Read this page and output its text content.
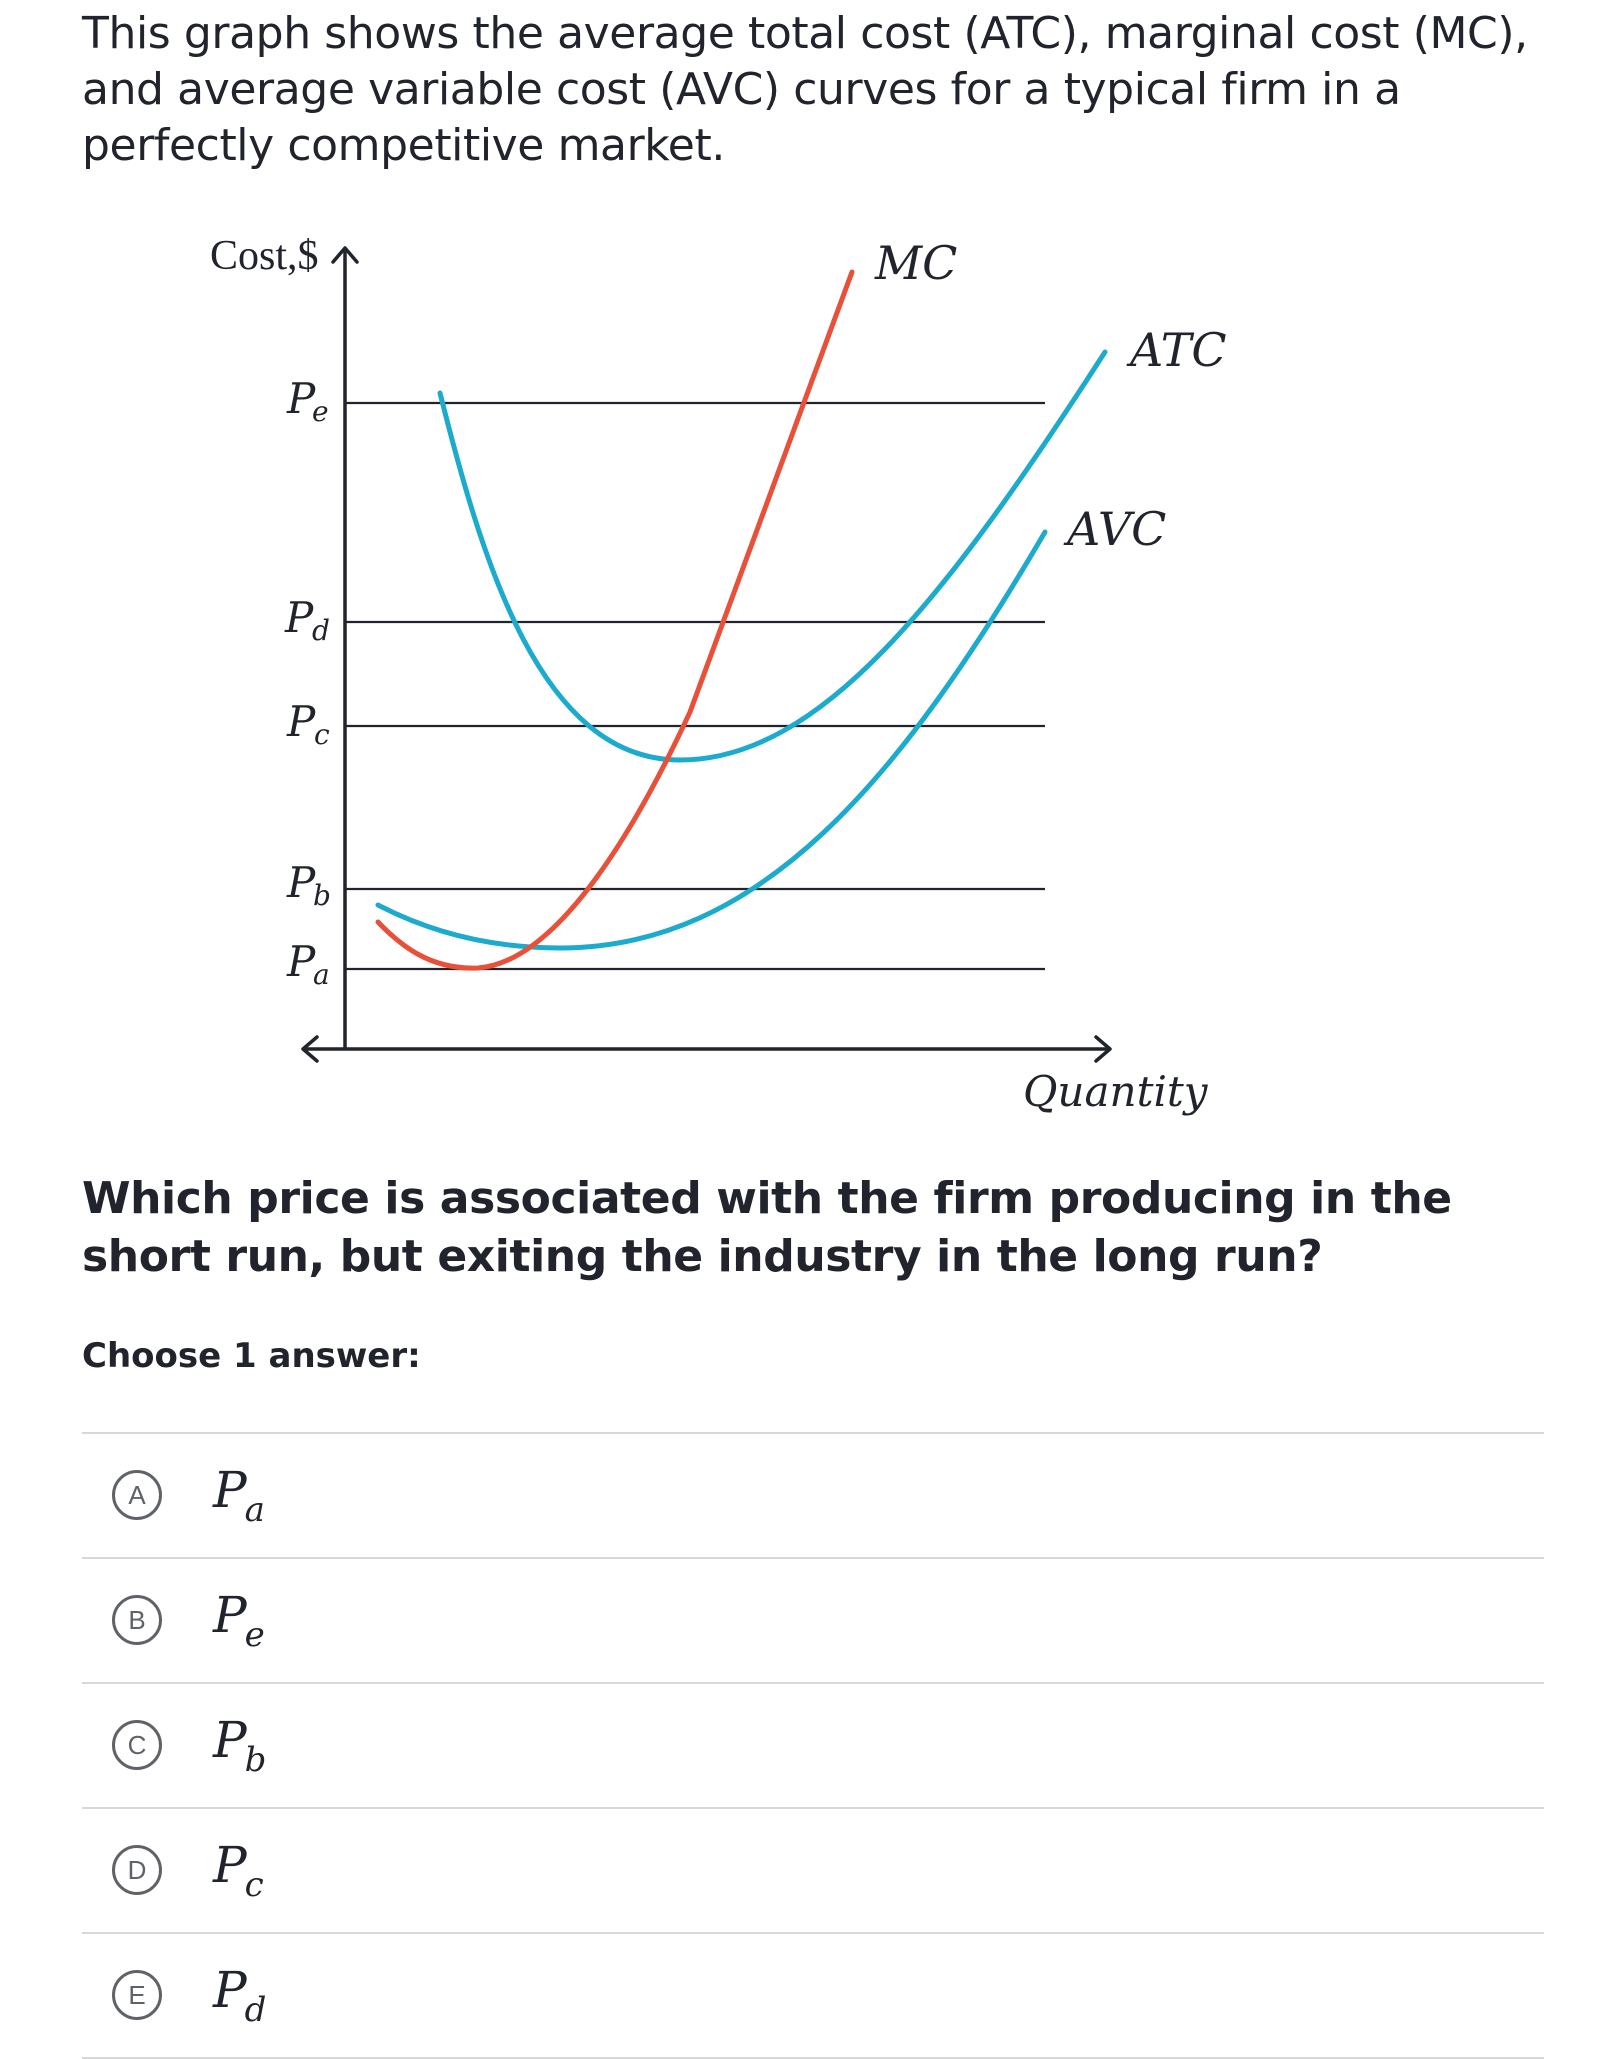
This graph shows the average total cost (ATC), marginal cost (MC), and average variable cost (AVC) curves for a typical firm in a perfectly competitive market.

MC
ATC
AVC
Cost,$
Quantity
P
e
P
d
P
c
P
b
P
a

Which price is associated with the firm producing in the short run, but exiting the industry in the long run?

Choose 1 answer:

A	$P_a$
B	$P_e$
C	$P_b$
D	$P_c$
E	$P_d$
